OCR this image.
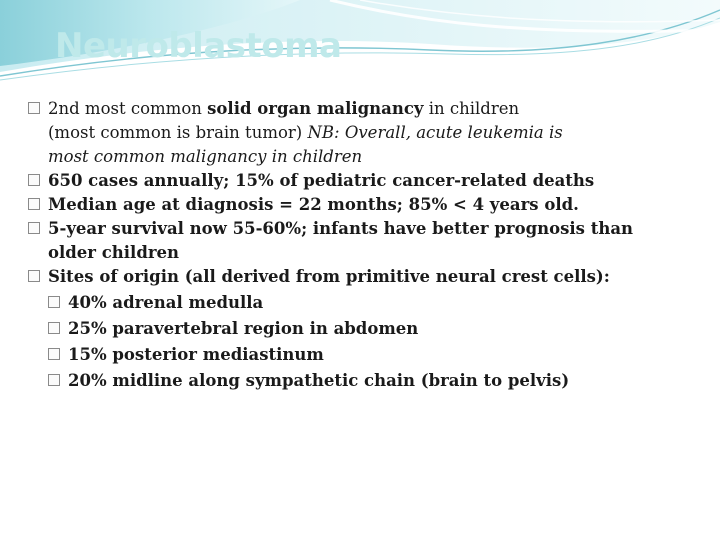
Neuroblastoma
2nd most common solid organ malignancy in children
(most common is brain tumor) NB: Overall, acute leukemia is
most common malignancy in children
650 cases annually; 15% of pediatric cancer-related deaths
Median age at diagnosis = 22 months; 85% < 4 years old.
5-year survival now 55-60%; infants have better prognosis than
older children
Sites of origin (all derived from primitive neural crest cells):
40% adrenal medulla
25% paravertebral region in abdomen
15% posterior mediastinum
20% midline along sympathetic chain (brain to pelvis)
